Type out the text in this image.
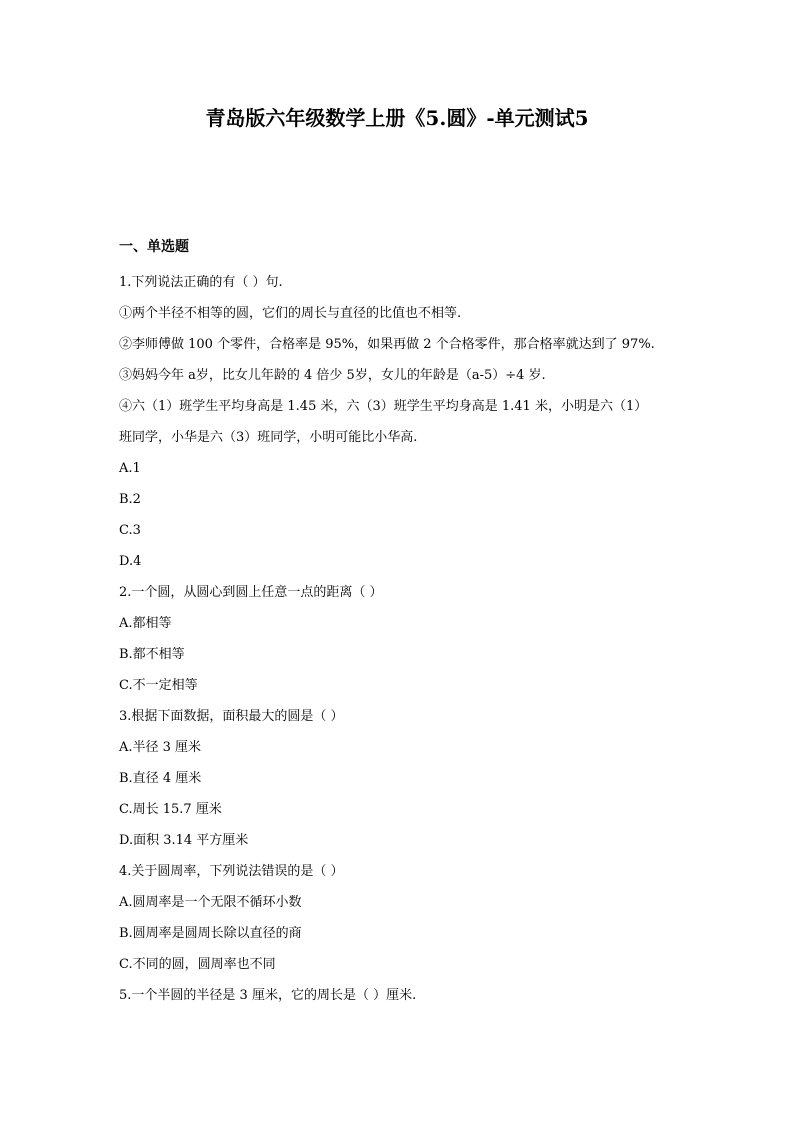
青岛版六年级数学上册《5.圆》-单元测试5
一、单选题

1.下列说法正确的有（ ）句.

①两个半径不相等的圆，它们的周长与直径的比值也不相等.

②李师傅做 100 个零件，合格率是 95%，如果再做 2 个合格零件，那合格率就达到了 97%.

③妈妈今年 a岁，比女儿年龄的 4 倍少 5岁，女儿的年龄是（a-5）÷4 岁.

④六（1）班学生平均身高是 1.45 米，六（3）班学生平均身高是 1.41 米，小明是六（1）

班同学，小华是六（3）班同学，小明可能比小华高.

A.1

B.2

C.3

D.4

2.一个圆，从圆心到圆上任意一点的距离（ ）

A.都相等

B.都不相等

C.不一定相等

3.根据下面数据，面积最大的圆是（ ）

A.半径 3 厘米

B.直径 4 厘米

C.周长 15.7 厘米

D.面积 3.14 平方厘米

4.关于圆周率，下列说法错误的是（ ）

A.圆周率是一个无限不循环小数

B.圆周率是圆周长除以直径的商

C.不同的圆，圆周率也不同

5.一个半圆的半径是 3 厘米，它的周长是（ ）厘米.
